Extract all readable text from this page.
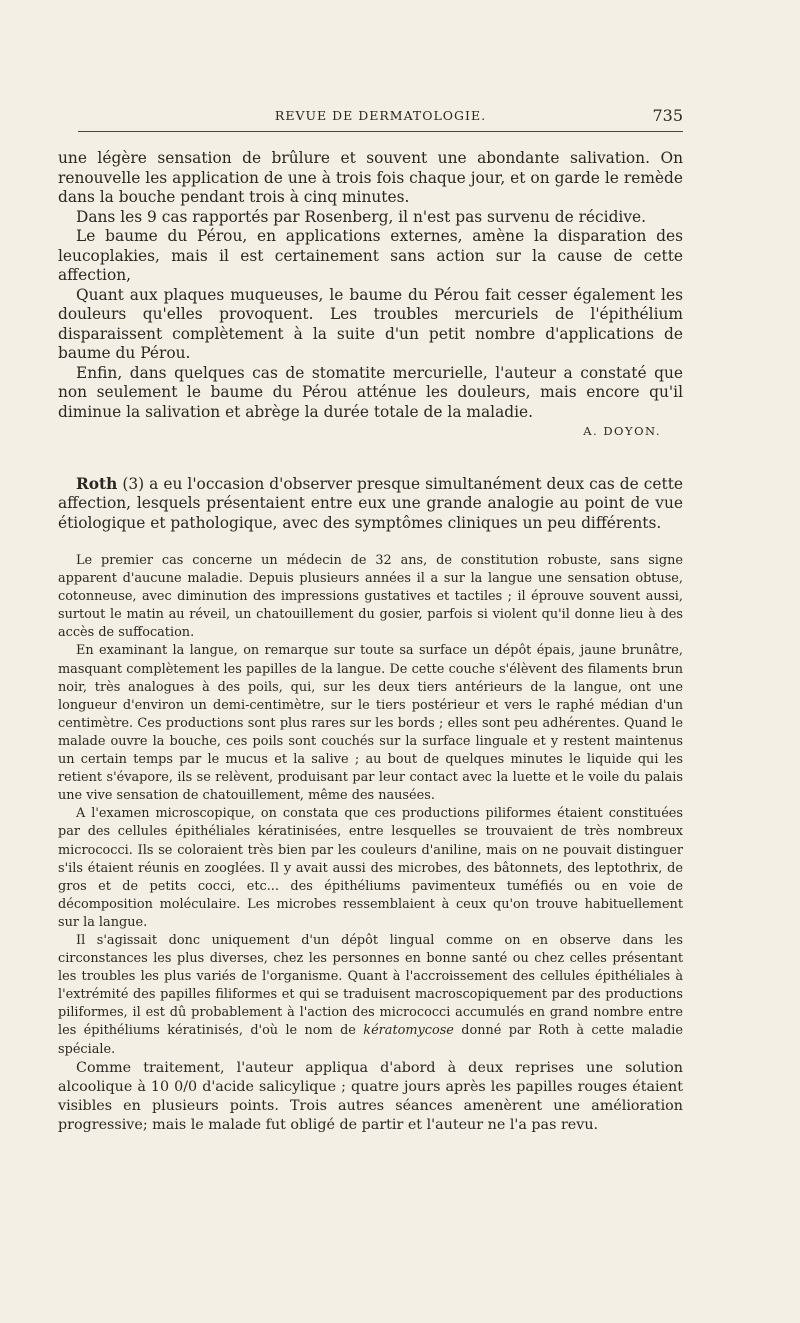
REVUE DE DERMATOLOGIE.	735

une légère sensation de brûlure et souvent une abondante salivation. On renouvelle les application de une à trois fois chaque jour, et on garde le remède dans la bouche pendant trois à cinq minutes.

Dans les 9 cas rapportés par Rosenberg, il n'est pas survenu de récidive.

Le baume du Pérou, en applications externes, amène la disparation des leucoplakies, mais il est certainement sans action sur la cause de cette affection,

Quant aux plaques muqueuses, le baume du Pérou fait cesser également les douleurs qu'elles provoquent. Les troubles mercuriels de l'épithélium disparaissent complètement à la suite d'un petit nombre d'applications de baume du Pérou.

Enfin, dans quelques cas de stomatite mercurielle, l'auteur a constaté que non seulement le baume du Pérou atténue les douleurs, mais encore qu'il diminue la salivation et abrège la durée totale de la maladie.

A. DOYON.

Roth (3) a eu l'occasion d'observer presque simultanément deux cas de cette affection, lesquels présentaient entre eux une grande analogie au point de vue étiologique et pathologique, avec des symptômes cliniques un peu différents.

Le premier cas concerne un médecin de 32 ans, de constitution robuste, sans signe apparent d'aucune maladie. Depuis plusieurs années il a sur la langue une sensation obtuse, cotonneuse, avec diminution des impressions gustatives et tactiles ; il éprouve souvent aussi, surtout le matin au réveil, un chatouillement du gosier, parfois si violent qu'il donne lieu à des accès de suffocation.

En examinant la langue, on remarque sur toute sa surface un dépôt épais, jaune brunâtre, masquant complètement les papilles de la langue. De cette couche s'élèvent des filaments brun noir, très analogues à des poils, qui, sur les deux tiers antérieurs de la langue, ont une longueur d'environ un demi-centimètre, sur le tiers postérieur et vers le raphé médian d'un centimètre. Ces productions sont plus rares sur les bords ; elles sont peu adhérentes. Quand le malade ouvre la bouche, ces poils sont couchés sur la surface linguale et y restent maintenus un certain temps par le mucus et la salive ; au bout de quelques minutes le liquide qui les retient s'évapore, ils se relèvent, produisant par leur contact avec la luette et le voile du palais une vive sensation de chatouillement, même des nausées.

A l'examen microscopique, on constata que ces productions piliformes étaient constituées par des cellules épithéliales kératinisées, entre lesquelles se trouvaient de très nombreux micrococci. Ils se coloraient très bien par les couleurs d'aniline, mais on ne pouvait distinguer s'ils étaient réunis en zooglées. Il y avait aussi des microbes, des bâtonnets, des leptothrix, de gros et de petits cocci, etc... des épithéliums pavimenteux tuméfiés ou en voie de décomposition moléculaire. Les microbes ressemblaient à ceux qu'on trouve habituellement sur la langue.

Il s'agissait donc uniquement d'un dépôt lingual comme on en observe dans les circonstances les plus diverses, chez les personnes en bonne santé ou chez celles présentant les troubles les plus variés de l'organisme. Quant à l'accroissement des cellules épithéliales à l'extrémité des papilles filiformes et qui se traduisent macroscopiquement par des productions piliformes, il est dû probablement à l'action des micrococci accumulés en grand nombre entre les épithéliums kératinisés, d'où le nom de kératomycose donné par Roth à cette maladie spéciale.

Comme traitement, l'auteur appliqua d'abord à deux reprises une solution alcoolique à 10 0/0 d'acide salicylique ; quatre jours après les papilles rouges étaient visibles en plusieurs points. Trois autres séances amenèrent une amélioration progressive; mais le malade fut obligé de partir et l'auteur ne l'a pas revu.
